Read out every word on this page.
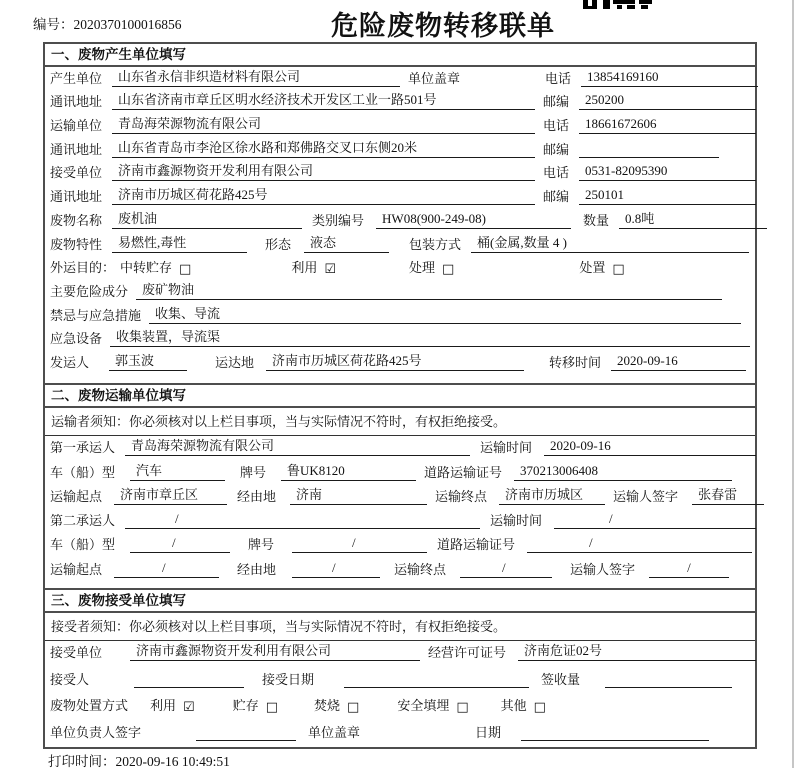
编号：2020370100016856	危险废物转移联单
一、废物产生单位填写
产生单位	山东省永信非织造材料有限公司	单位盖章	电话	13854169160
通讯地址	山东省济南市章丘区明水经济技术开发区工业一路501号	邮编	250200
运输单位	青岛海荣源物流有限公司	电话	18661672606
通讯地址	山东省青岛市李沧区徐水路和郑佛路交叉口东侧20米	邮编
接受单位	济南市鑫源物资开发利用有限公司	电话	0531-82095390
通讯地址	济南市历城区荷花路425号	邮编	250101
废物名称	废机油	类别编号	HW08(900-249-08)	数量	0.8吨
废物特性	易燃性,毒性	形态	液态	包装方式	桶(金属,数量 4 )
外运目的： 中转贮存 □	利用 ☑	处理 □	处置 □
主要危险成分	废矿物油
禁忌与应急措施	收集、导流
应急设备	收集装置，导流渠
发运人	郭玉波	运达地	济南市历城区荷花路425号	转移时间	2020-09-16
二、废物运输单位填写
运输者须知：你必须核对以上栏目事项，当与实际情况不符时，有权拒绝接受。
第一承运人	青岛海荣源物流有限公司	运输时间	2020-09-16
车（船）型	汽车	牌号	鲁UK8120	道路运输证号	370213006408
运输起点	济南市章丘区	经由地	济南	运输终点	济南市历城区	运输人签字	张春雷
第二承运人	/	运输时间	/
车（船）型	/	牌号	/	道路运输证号	/
运输起点	/	经由地	/	运输终点	/	运输人签字	/
三、废物接受单位填写
接受者须知：你必须核对以上栏目事项，当与实际情况不符时，有权拒绝接受。
接受单位	济南市鑫源物资开发利用有限公司	经营许可证号	济南危证02号
接受人	接受日期	签收量
废物处置方式 利用 ☑	贮存 □	焚烧 □	安全填埋 □ 其他 □
单位负责人签字	单位盖章	日期
打印时间：2020-09-16 10:49:51
